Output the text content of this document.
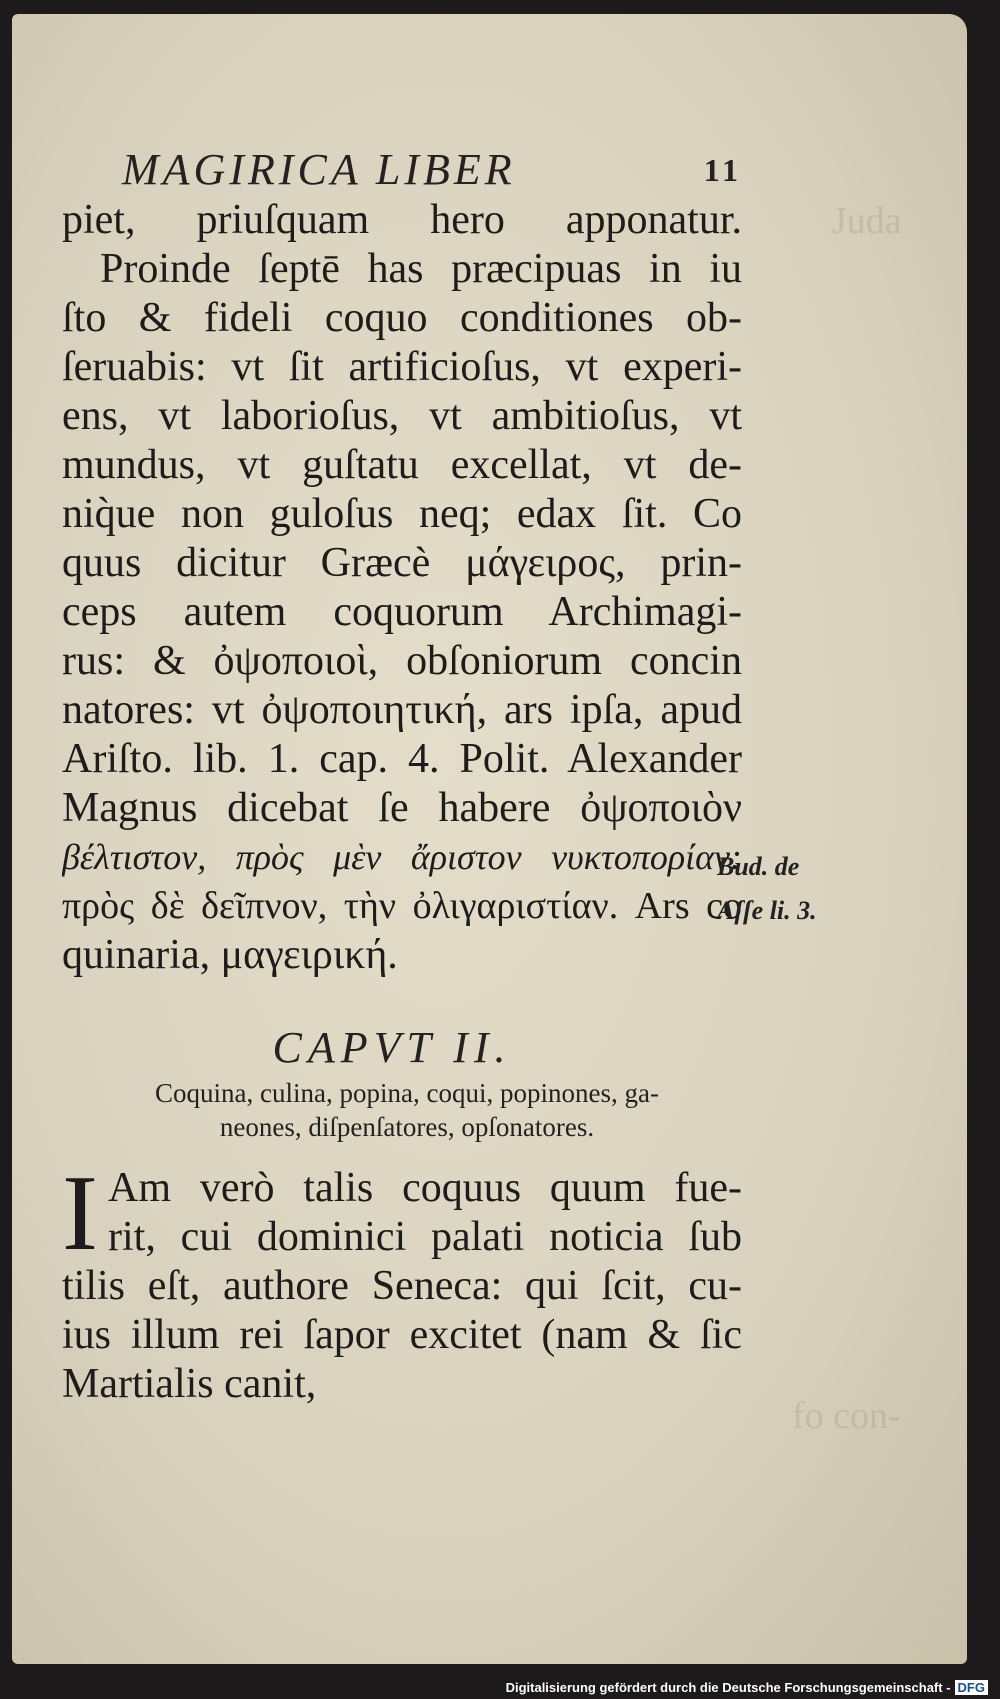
Juda
fo con-
MAGIRICA LIBER	11
piet, priuſquam hero apponatur.
Proinde ſeptē has præcipuas in iu
ſto & fideli coquo conditiones ob-
ſeruabis: vt ſit artificioſus, vt experi-
ens, vt laborioſus, vt ambitioſus, vt
mundus, vt guſtatu excellat, vt de-
niq̀ue non guloſus neq; edax ſit. Co
quus dicitur Græcè μάγειρος, prin-
ceps autem coquorum Archimagi-
rus: & ὀψοποιοὶ, obſoniorum concin
natores: vt ὀψοποιητική, ars ipſa, apud
Ariſto. lib. 1. cap. 4. Polit. Alexander
Magnus dicebat ſe habere ὀψοποιὸν
βέλτιστον, πρὸς μὲν ἄριστον νυκτοπορίαν:
πρὸς δὲ δεῖπνον, τὴν ὀλιγαριστίαν. Ars co
quinaria, μαγειρική.
Bud. de
Aſſe li. 3.
CAPVT II.
Coquina, culina, popina, coqui, popinones, ga-
neones, diſpenſatores, opſonatores.
I Am verò talis coquus quum fue-
rit, cui dominici palati noticia ſub
tilis eſt, authore Seneca: qui ſcit, cu-
ius illum rei ſapor excitet (nam & ſic
Martialis canit,
Digitalisierung gefördert durch die Deutsche Forschungsgemeinschaft - DFG
